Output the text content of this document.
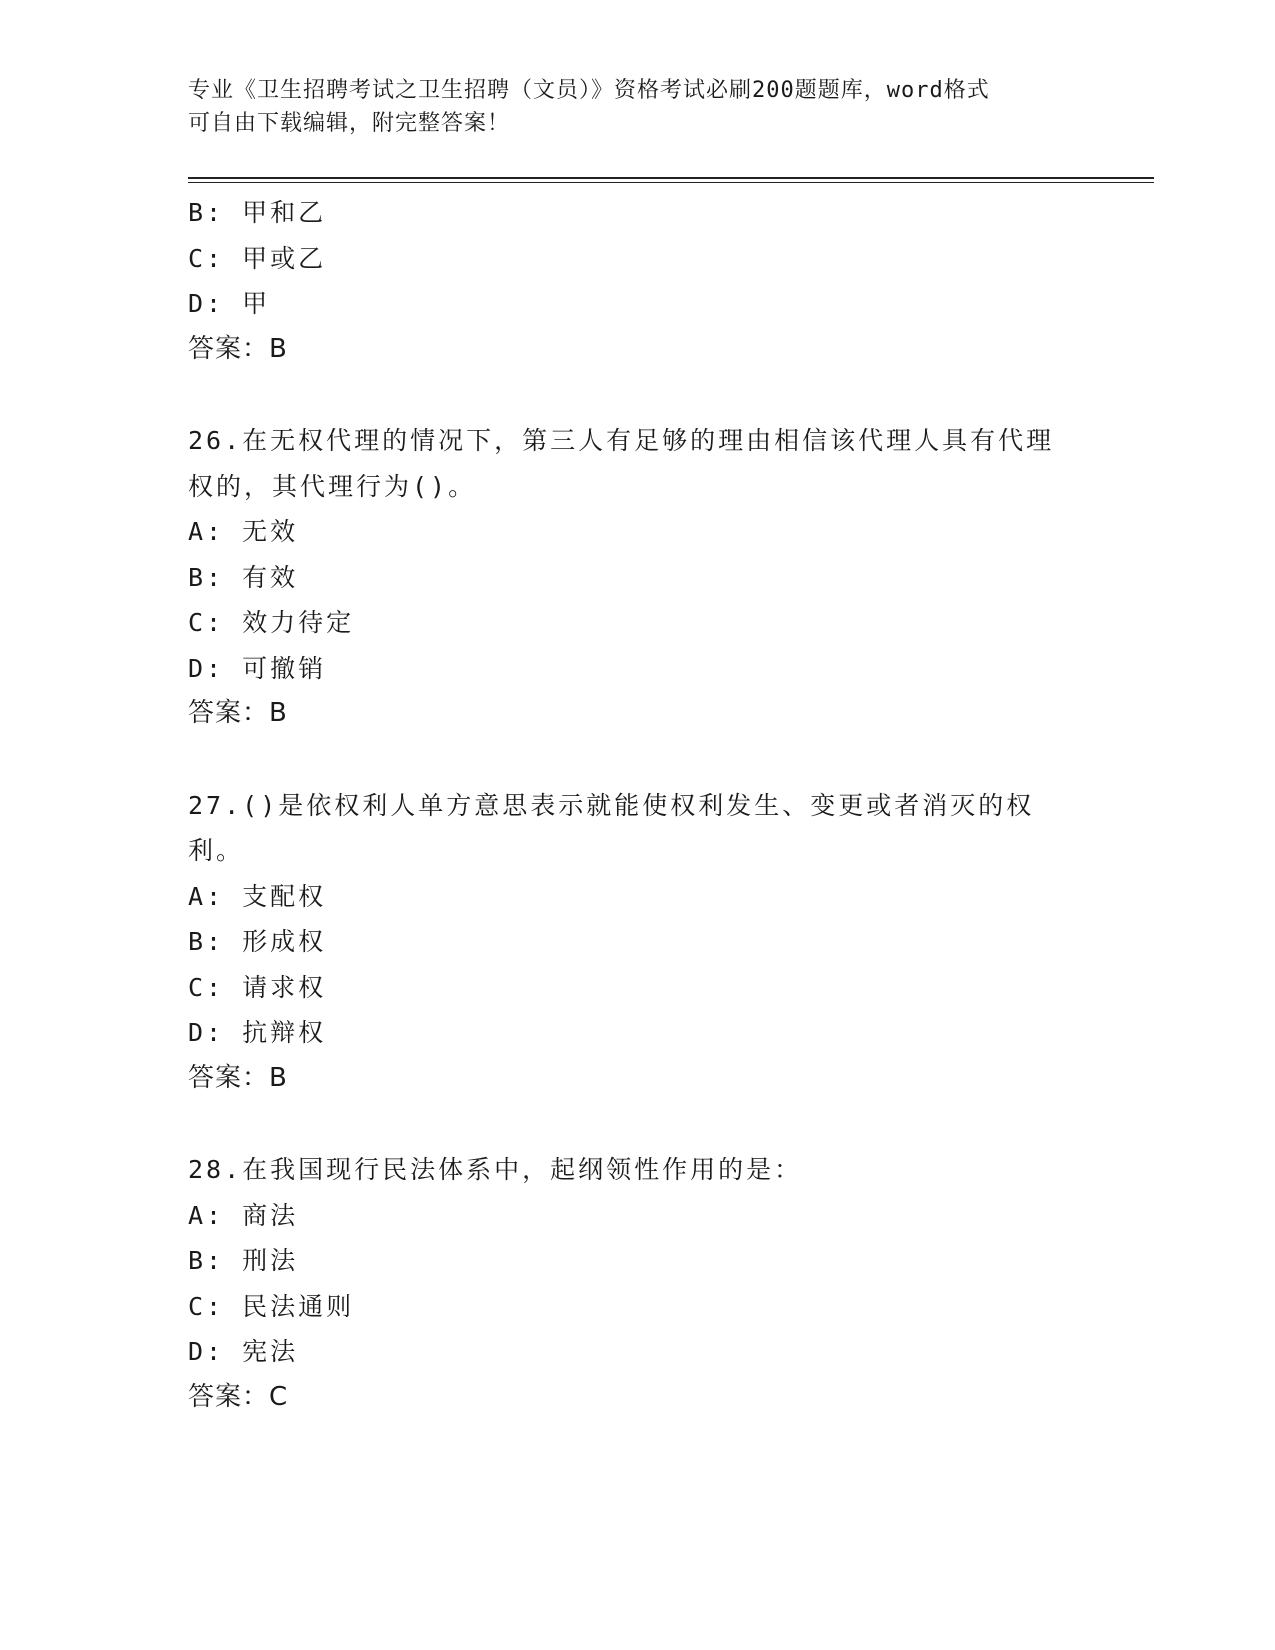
专业《卫生招聘考试之卫生招聘（文员）》资格考试必刷200题题库，word格式
可自由下载编辑，附完整答案！
B: 甲和乙
C: 甲或乙
D: 甲
答案：B
26.在无权代理的情况下，第三人有足够的理由相信该代理人具有代理权的，其代理行为()。
A: 无效
B: 有效
C: 效力待定
D: 可撤销
答案：B
27.()是依权利人单方意思表示就能使权利发生、变更或者消灭的权利。
A: 支配权
B: 形成权
C: 请求权
D: 抗辩权
答案：B
28.在我国现行民法体系中，起纲领性作用的是：
A: 商法
B: 刑法
C: 民法通则
D: 宪法
答案：C
